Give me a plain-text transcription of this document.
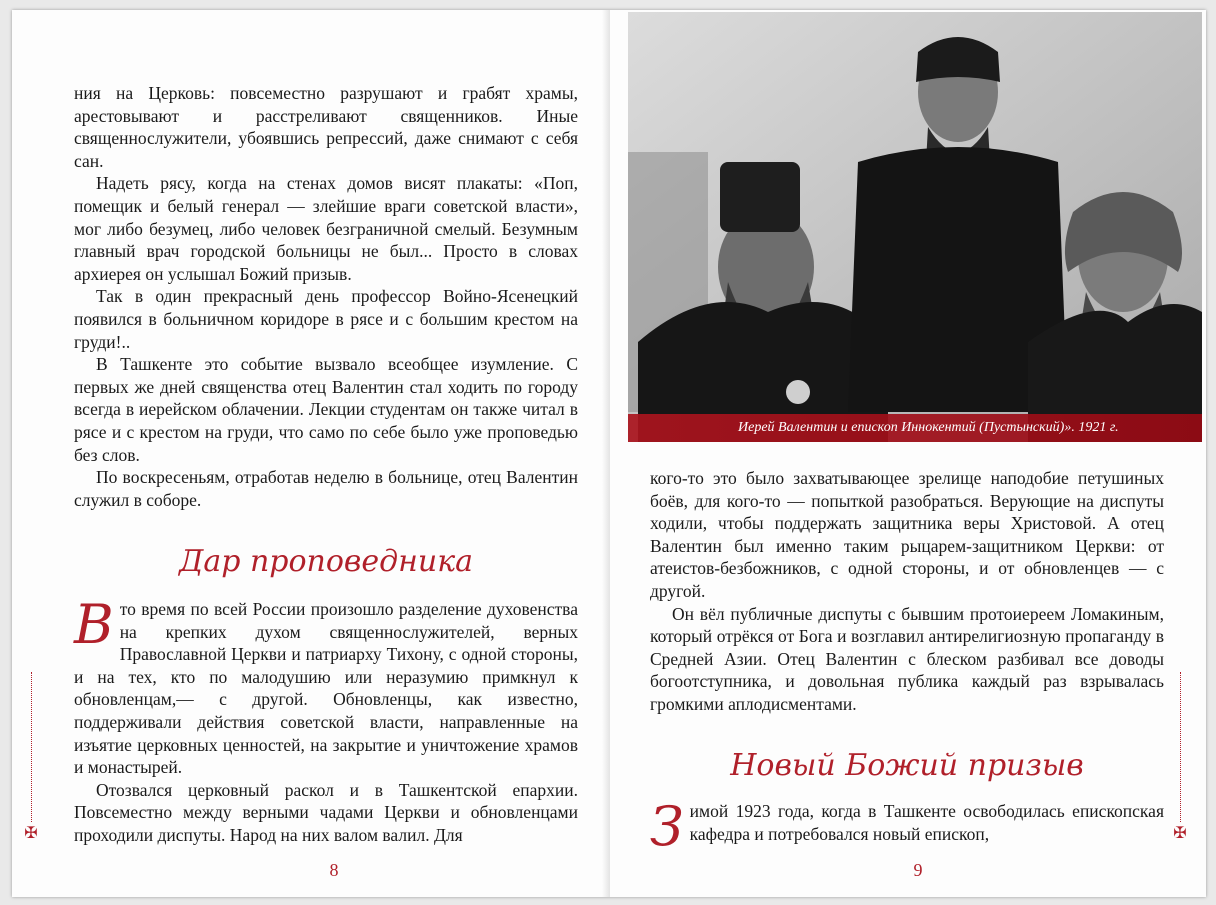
ния на Церковь: повсеместно разрушают и грабят храмы, арестовывают и расстреливают священников. Иные священнослужители, убоявшись репрессий, даже снимают с себя сан.

Надеть рясу, когда на стенах домов висят плакаты: «Поп, помещик и белый генерал — злейшие враги советской власти», мог либо безумец, либо человек безграничной смелый. Безумным главный врач городской больницы не был... Просто в словах архиерея он услышал Божий призыв.

Так в один прекрасный день профессор Войно-Ясенецкий появился в больничном коридоре в рясе и с большим крестом на груди!..

В Ташкенте это событие вызвало всеобщее изумление. С первых же дней священства отец Валентин стал ходить по городу всегда в иерейском облачении. Лекции студентам он также читал в рясе и с крестом на груди, что само по себе было уже проповедью без слов.

По воскресеньям, отработав неделю в больнице, отец Валентин служил в соборе.

Дар проповедника

В то время по всей России произошло разделение духовенства на крепких духом священнослужителей, верных Православной Церкви и патриарху Тихону, с одной стороны, и на тех, кто по малодушию или неразумию примкнул к обновленцам,— с другой. Обновленцы, как известно, поддерживали действия советской власти, направленные на изъятие церковных ценностей, на закрытие и уничтожение храмов и монастырей.

Отозвался церковный раскол и в Ташкентской епархии. Повсеместно между верными чадами Церкви и обновленцами проходили диспуты. Народ на них валом валил. Для

✠
8
Иерей Валентин и епископ Иннокентий (Пустынский)». 1921 г.

кого-то это было захватывающее зрелище наподобие петушиных боёв, для кого-то — попыткой разобраться. Верующие на диспуты ходили, чтобы поддержать защитника веры Христовой. А отец Валентин был именно таким рыцарем-защитником Церкви: от атеистов-безбожников, с одной стороны, и от обновленцев — с другой.

Он вёл публичные диспуты с бывшим протоиереем Ломакиным, который отрёкся от Бога и возглавил антирелигиозную пропаганду в Средней Азии. Отец Валентин с блеском разбивал все доводы богоотступника, и довольная публика каждый раз взрывалась громкими аплодисментами.

Новый Божий призыв

Зимой 1923 года, когда в Ташкенте освободилась епископская кафедра и потребовался новый епископ,	✠
9
